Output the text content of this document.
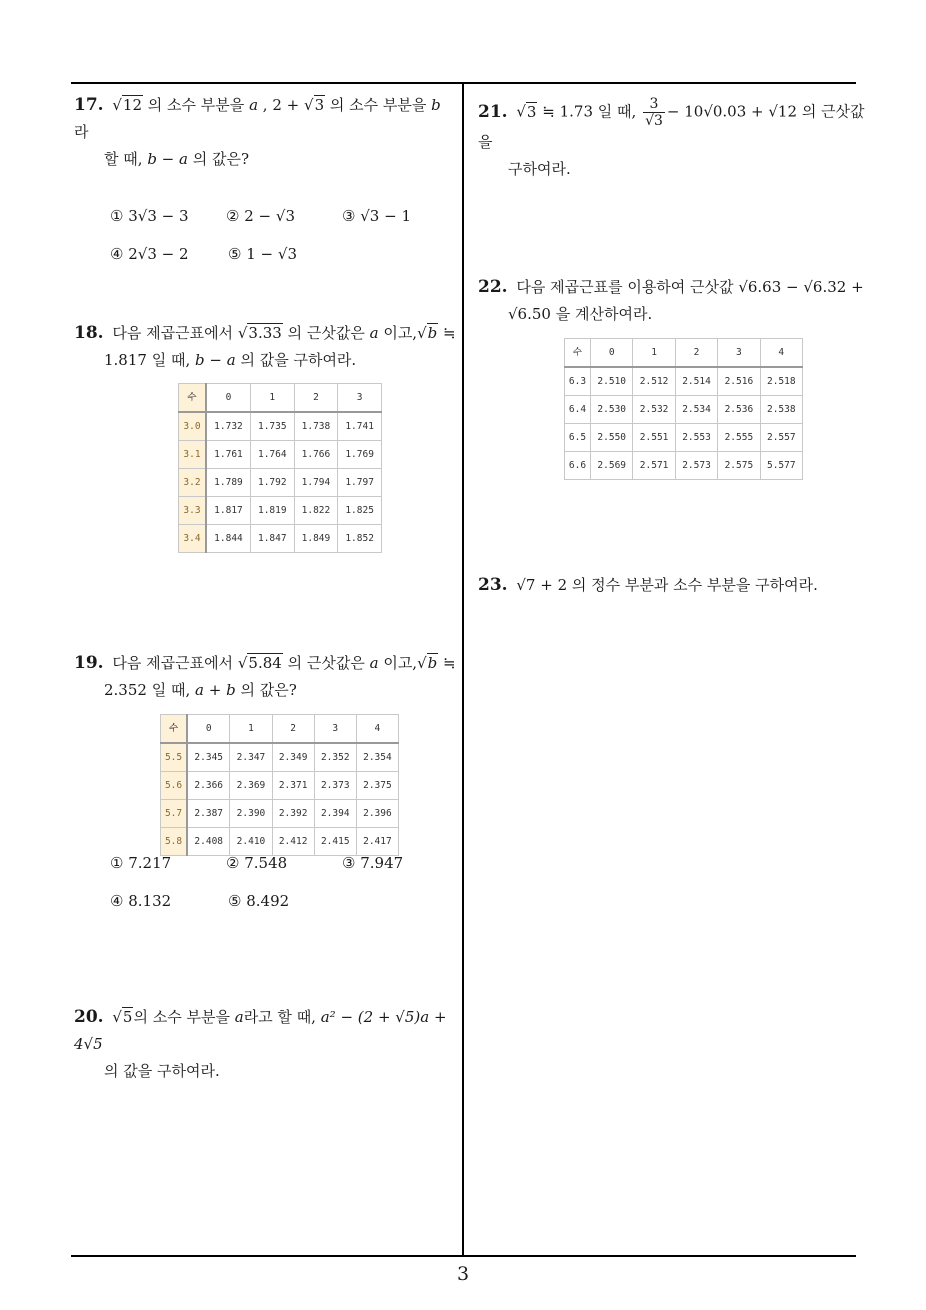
17. √12 의 소수 부분을 a , 2 + √3 의 소수 부분을 b 라
할 때, b − a 의 값은?
① 3√3 − 3	② 2 − √3	③ √3 − 1
④ 2√3 − 2	⑤ 1 − √3
18. 다음 제곱근표에서 √3.33 의 근삿값은 a 이고,√b ≒
1.817 일 때, b − a 의 값을 구하여라.
수	0	1	2	3
3.0	1.732	1.735	1.738	1.741
3.1	1.761	1.764	1.766	1.769
3.2	1.789	1.792	1.794	1.797
3.3	1.817	1.819	1.822	1.825
3.4	1.844	1.847	1.849	1.852
19. 다음 제곱근표에서 √5.84 의 근삿값은 a 이고,√b ≒
2.352 일 때, a + b 의 값은?
수	0	1	2	3	4
5.5	2.345	2.347	2.349	2.352	2.354
5.6	2.366	2.369	2.371	2.373	2.375
5.7	2.387	2.390	2.392	2.394	2.396
5.8	2.408	2.410	2.412	2.415	2.417
① 7.217	② 7.548	③ 7.947
④ 8.132	⑤ 8.492
20. √5의 소수 부분을 a라고 할 때, a² − (2 + √5)a + 4√5
의 값을 구하여라.
21. √3 ≒ 1.73 일 때, $\frac{3}{√3} - 10√0.03 + √12$ 의 근삿값을
구하여라.
22. 다음 제곱근표를 이용하여 근삿값 √6.63 − √6.32 +
√6.50 을 계산하여라.
수	0	1	2	3	4
6.3	2.510	2.512	2.514	2.516	2.518
6.4	2.530	2.532	2.534	2.536	2.538
6.5	2.550	2.551	2.553	2.555	2.557
6.6	2.569	2.571	2.573	2.575	5.577
23. √7 + 2 의 정수 부분과 소수 부분을 구하여라.
3
